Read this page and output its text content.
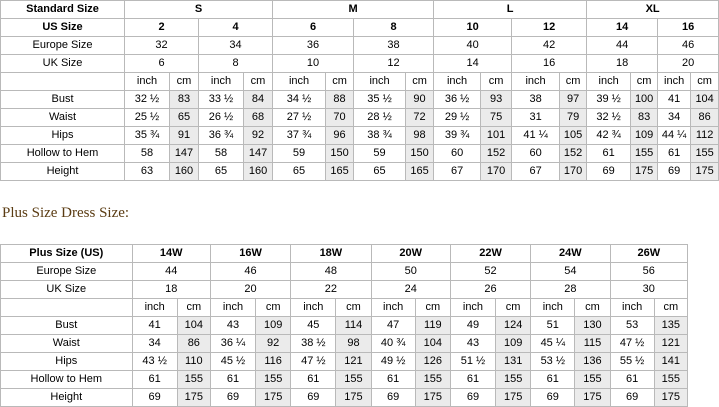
Standard Size	S				M				L				XL			
US Size	2		4		6		8		10		12		14		16	
Europe Size	32		34		36		38		40		42		44		46	
UK Size	6		8		10		12		14		16		18		20	
	inch	cm	inch	cm	inch	cm	inch	cm	inch	cm	inch	cm	inch	cm	inch	cm
Bust	32 ½	83	33 ½	84	34 ½	88	35 ½	90	36 ½	93	38	97	39 ½	100	41	104
Waist	25 ½	65	26 ½	68	27 ½	70	28 ½	72	29 ½	75	31	79	32 ½	83	34	86
Hips	35 ¾	91	36 ¾	92	37 ¾	96	38 ¾	98	39 ¾	101	41 ¼	105	42 ¾	109	44 ¼	112
Hollow to Hem	58	147	58	147	59	150	59	150	60	152	60	152	61	155	61	155
Height	63	160	65	160	65	165	65	165	67	170	67	170	69	175	69	175
Plus Size Dress Size:
Plus Size (US)	14W		16W		18W		20W		22W		24W		26W	
Europe Size	44		46		48		50		52		54		56	
UK Size	18		20		22		24		26		28		30	
	inch	cm	inch	cm	inch	cm	inch	cm	inch	cm	inch	cm	inch	cm
Bust	41	104	43	109	45	114	47	119	49	124	51	130	53	135
Waist	34	86	36 ¼	92	38 ½	98	40 ¾	104	43	109	45 ¼	115	47 ½	121
Hips	43 ½	110	45 ½	116	47 ½	121	49 ½	126	51 ½	131	53 ½	136	55 ½	141
Hollow to Hem	61	155	61	155	61	155	61	155	61	155	61	155	61	155
Height	69	175	69	175	69	175	69	175	69	175	69	175	69	175
